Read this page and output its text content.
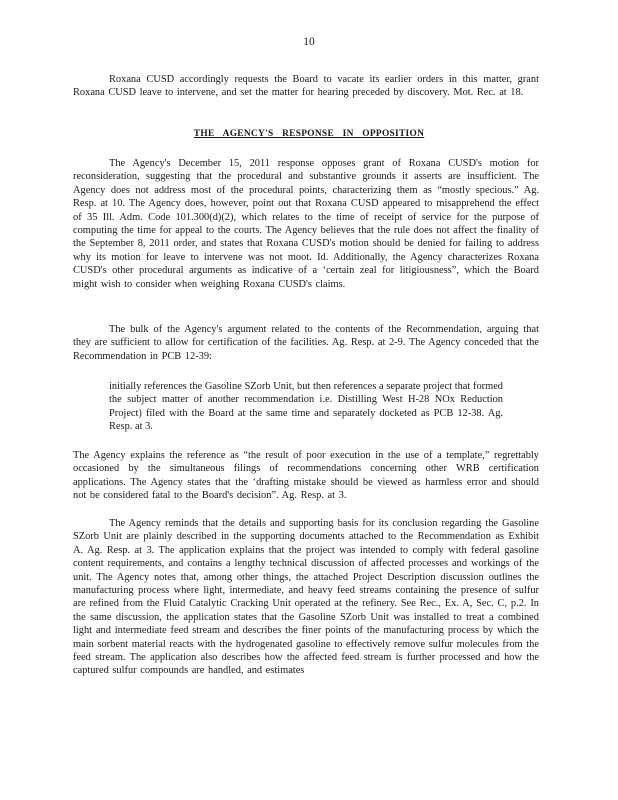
10
Roxana CUSD accordingly requests the Board to vacate its earlier orders in this matter, grant Roxana CUSD leave to intervene, and set the matter for hearing preceded by discovery. Mot. Rec. at 18.
THE AGENCY'S RESPONSE IN OPPOSITION
The Agency's December 15, 2011 response opposes grant of Roxana CUSD's motion for reconsideration, suggesting that the procedural and substantive grounds it asserts are insufficient. The Agency does not address most of the procedural points, characterizing them as “mostly specious.” Ag. Resp. at 10. The Agency does, however, point out that Roxana CUSD appeared to misapprehend the effect of 35 Ill. Adm. Code 101.300(d)(2), which relates to the time of receipt of service for the purpose of computing the time for appeal to the courts. The Agency believes that the rule does not affect the finality of the September 8, 2011 order, and states that Roxana CUSD's motion should be denied for failing to address why its motion for leave to intervene was not moot. Id. Additionally, the Agency characterizes Roxana CUSD's other procedural arguments as indicative of a ‘certain zeal for litigiousness”, which the Board might wish to consider when weighing Roxana CUSD's claims.
The bulk of the Agency's argument related to the contents of the Recommendation, arguing that they are sufficient to allow for certification of the facilities. Ag. Resp. at 2-9. The Agency conceded that the Recommendation in PCB 12-39:
initially references the Gasoline SZorb Unit, but then references a separate project that formed the subject matter of another recommendation i.e. Distilling West H-28 NOx Reduction Project) filed with the Board at the same time and separately docketed as PCB 12-38. Ag. Resp. at 3.
The Agency explains the reference as “the result of poor execution in the use of a template,” regrettably occasioned by the simultaneous filings of recommendations concerning other WRB certification applications. The Agency states that the ‘drafting mistake should be viewed as harmless error and should not be considered fatal to the Board's decision”. Ag. Resp. at 3.
The Agency reminds that the details and supporting basis for its conclusion regarding the Gasoline SZorb Unit are plainly described in the supporting documents attached to the Recommendation as Exhibit A. Ag. Resp. at 3. The application explains that the project was intended to comply with federal gasoline content requirements, and contains a lengthy technical discussion of affected processes and workings of the unit. The Agency notes that, among other things, the attached Project Description discussion outlines the manufacturing process where light, intermediate, and heavy feed streams containing the presence of sulfur are refined from the Fluid Catalytic Cracking Unit operated at the refinery. See Rec., Ex. A, Sec. C, p.2. In the same discussion, the application states that the Gasoline SZorb Unit was installed to treat a combined light and intermediate feed stream and describes the finer points of the manufacturing process by which the main sorbent material reacts with the hydrogenated gasoline to effectively remove sulfur molecules from the feed stream. The application also describes how the affected feed stream is further processed and how the captured sulfur compounds are handled, and estimates
